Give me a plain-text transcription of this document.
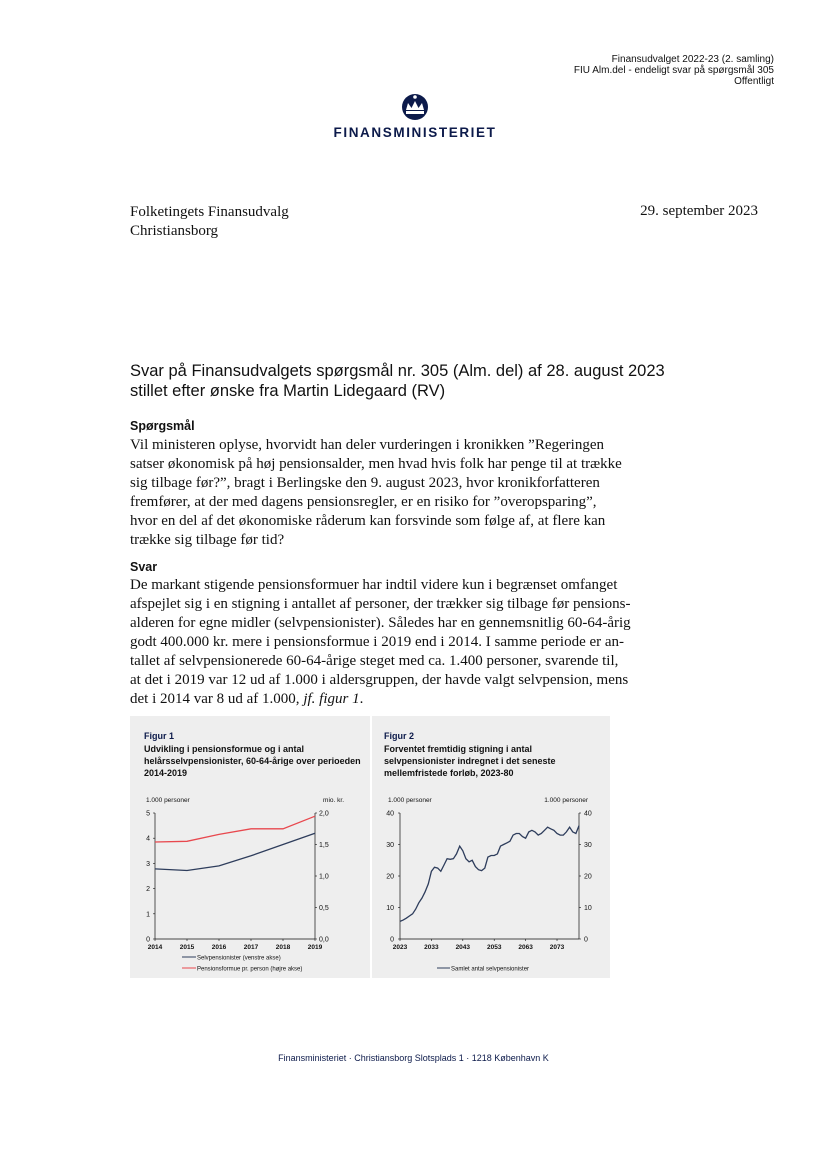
Finansudvalget 2022-23 (2. samling)
FIU Alm.del - endeligt svar på spørgsmål 305
Offentligt
FINANSMINISTERIET
Folketingets Finansudvalg
Christiansborg
29. september 2023
Svar på Finansudvalgets spørgsmål nr. 305 (Alm. del) af 28. august 2023 stillet efter ønske fra Martin Lidegaard (RV)
Spørgsmål
Vil ministeren oplyse, hvorvidt han deler vurderingen i kronikken ”Regeringen
satser økonomisk på høj pensionsalder, men hvad hvis folk har penge til at trække
sig tilbage før?”, bragt i Berlingske den 9. august 2023, hvor kronikforfatteren
fremfører, at der med dagens pensionsregler, er en risiko for ”overopsparing”,
hvor en del af det økonomiske råderum kan forsvinde som følge af, at flere kan
trække sig tilbage før tid?
Svar
De markant stigende pensionsformuer har indtil videre kun i begrænset omfanget
afspejlet sig i en stigning i antallet af personer, der trækker sig tilbage før pensions-
alderen for egne midler (selvpensionister). Således har en gennemsnitlig 60-64-årig
godt 400.000 kr. mere i pensionsformue i 2019 end i 2014. I samme periode er an-
tallet af selvpensionerede 60-64-årige steget med ca. 1.400 personer, svarende til,
at det i 2019 var 12 ud af 1.000 i aldersgruppen, der havde valgt selvpension, mens
det i 2014 var 8 ud af 1.000, jf. figur 1.
Figur 1
Udvikling i pensionsformue og i antal helårsselvpensionister, 60-64-årige over perioeden 2014-2019
Figur 2
Forventet fremtidig stigning i antal selvpensionister indregnet i det seneste mellemfristede forløb, 2023-80
1.000 personer	mio. kr.
0
1
2
3
4
5
0,0
0,5
1,0
1,5
2,0
2014	2015	2016	2017	2018	2019
Selvpensionister (venstre akse)
Pensionsformue pr. person (højre akse)
1.000 personer	1.000 personer
0	0
10	10
20	20
30	30
40	40
2023	2033	2043	2053	2063	2073
Samlet antal selvpensionister
Finansministeriet · Christiansborg Slotsplads 1 · 1218 København K
